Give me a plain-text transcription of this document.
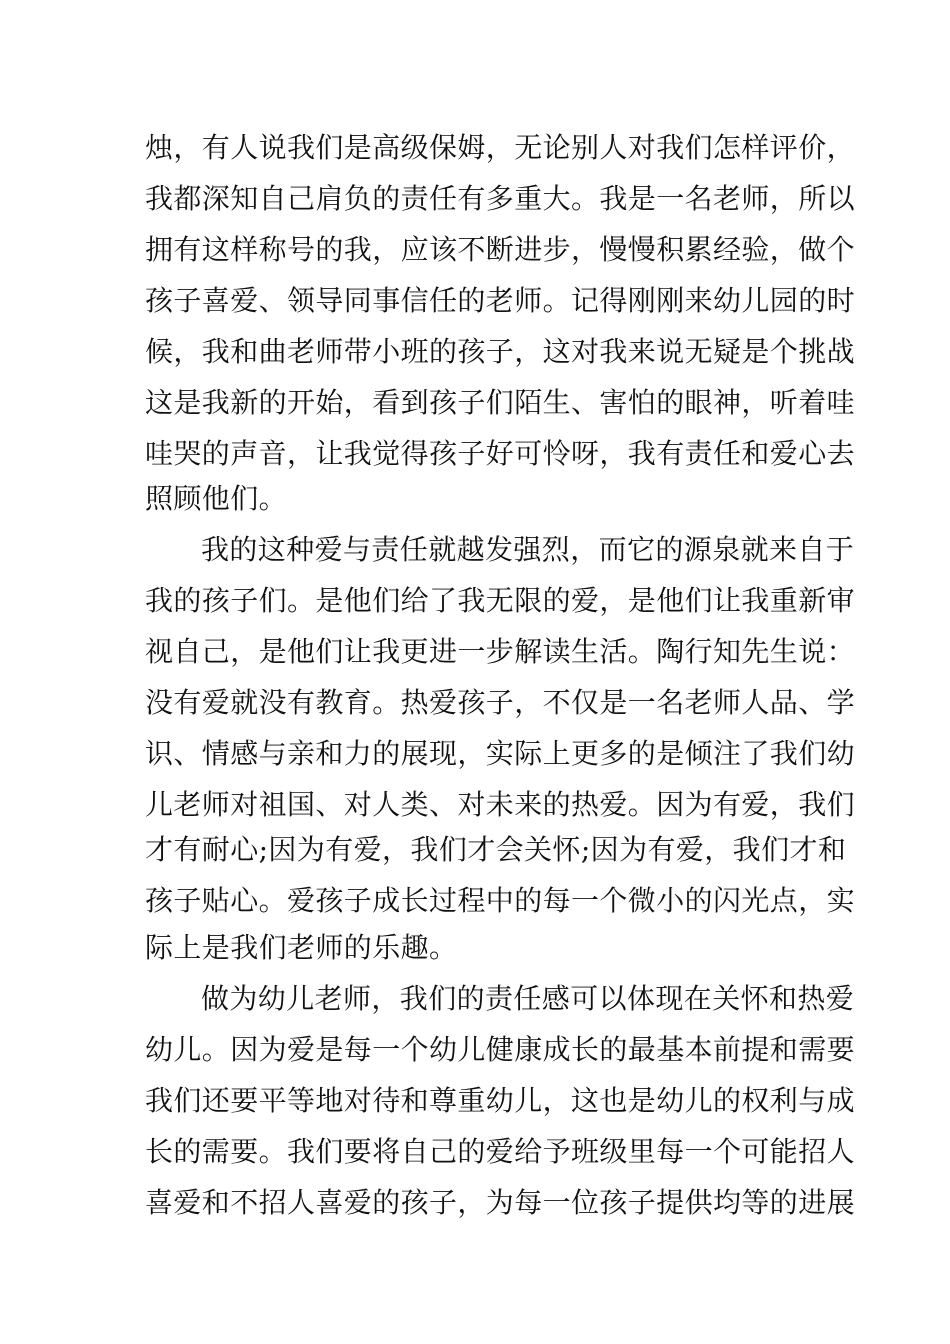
烛，有人说我们是高级保姆，无论别人对我们怎样评价，
我都深知自己肩负的责任有多重大。我是一名老师，所以
拥有这样称号的我，应该不断进步，慢慢积累经验，做个
孩子喜爱、领导同事信任的老师。记得刚刚来幼儿园的时
候，我和曲老师带小班的孩子，这对我来说无疑是个挑战
这是我新的开始，看到孩子们陌生、害怕的眼神，听着哇
哇哭的声音，让我觉得孩子好可怜呀，我有责任和爱心去
照顾他们。
我的这种爱与责任就越发强烈，而它的源泉就来自于
我的孩子们。是他们给了我无限的爱，是他们让我重新审
视自己，是他们让我更进一步解读生活。陶行知先生说：
没有爱就没有教育。热爱孩子，不仅是一名老师人品、学
识、情感与亲和力的展现，实际上更多的是倾注了我们幼
儿老师对祖国、对人类、对未来的热爱。因为有爱，我们
才有耐心;因为有爱，我们才会关怀;因为有爱，我们才和
孩子贴心。爱孩子成长过程中的每一个微小的闪光点，实
际上是我们老师的乐趣。
做为幼儿老师，我们的责任感可以体现在关怀和热爱
幼儿。因为爱是每一个幼儿健康成长的最基本前提和需要
我们还要平等地对待和尊重幼儿，这也是幼儿的权利与成
长的需要。我们要将自己的爱给予班级里每一个可能招人
喜爱和不招人喜爱的孩子，为每一位孩子提供均等的进展
